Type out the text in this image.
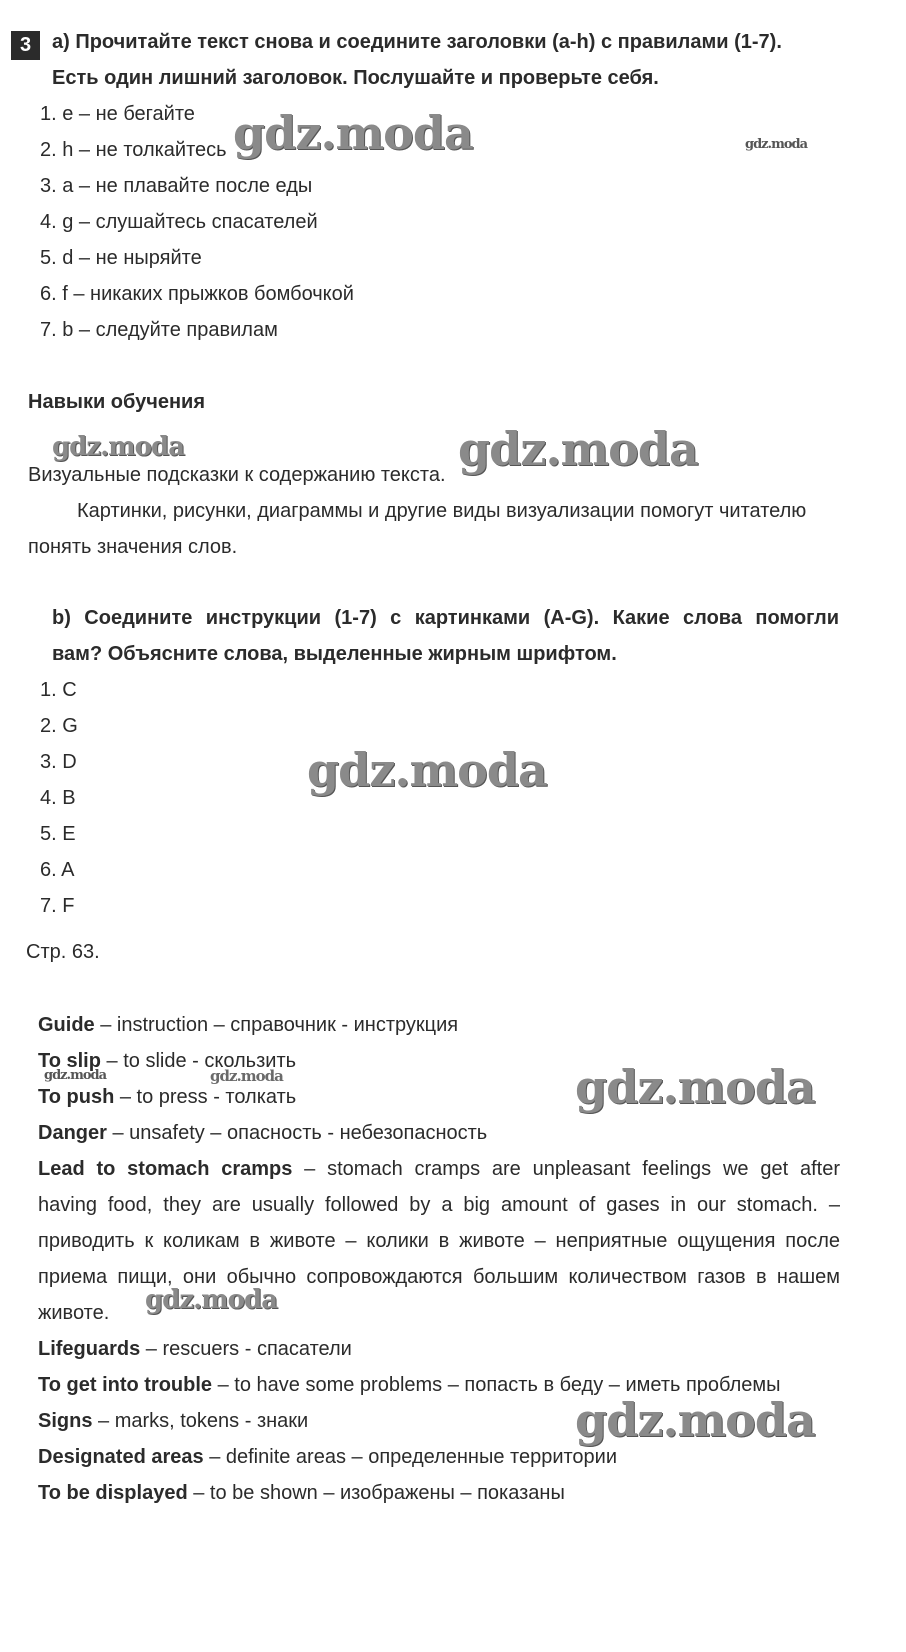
3	а) Прочитайте текст снова и соедините заголовки (a-h) с правилами (1-7).
Есть один лишний заголовок. Послушайте и проверьте себя.
1. e – не бегайте
2. h – не толкайтесь
3. a – не плавайте после еды
4. g – слушайтесь спасателей
5. d – не ныряйте
6. f – никаких прыжков бомбочкой
7. b – следуйте правилам
Навыки обучения
Визуальные подсказки к содержанию текста.
Картинки, рисунки, диаграммы и другие виды визуализации помогут читателю
понять значения слов.
b) Соедините инструкции (1-7) с картинками (A-G). Какие слова помогли
вам? Объясните слова, выделенные жирным шрифтом.
1. C
2. G
3. D
4. B
5. E
6. A
7. F
Стр. 63.
Guide – instruction – справочник - инструкция
To slip – to slide - скользить
To push – to press - толкать
Danger – unsafety – опасность - небезопасность
Lead to stomach cramps – stomach cramps are unpleasant feelings we get after
having food, they are usually followed by a big amount of gases in our stomach. –
приводить к коликам в животе – колики в животе – неприятные ощущения после
приема пищи, они обычно сопровождаются большим количеством газов в нашем
животе.
Lifeguards – rescuers - спасатели
To get into trouble – to have some problems – попасть в беду – иметь проблемы
Signs – marks, tokens - знаки
Designated areas – definite areas – определенные территории
To be displayed – to be shown – изображены – показаны
gdz.moda	gdz.moda
gdz.moda	gdz.moda
gdz.moda
gdz.moda	gdz.moda	gdz.moda
gdz.moda
gdz.moda
